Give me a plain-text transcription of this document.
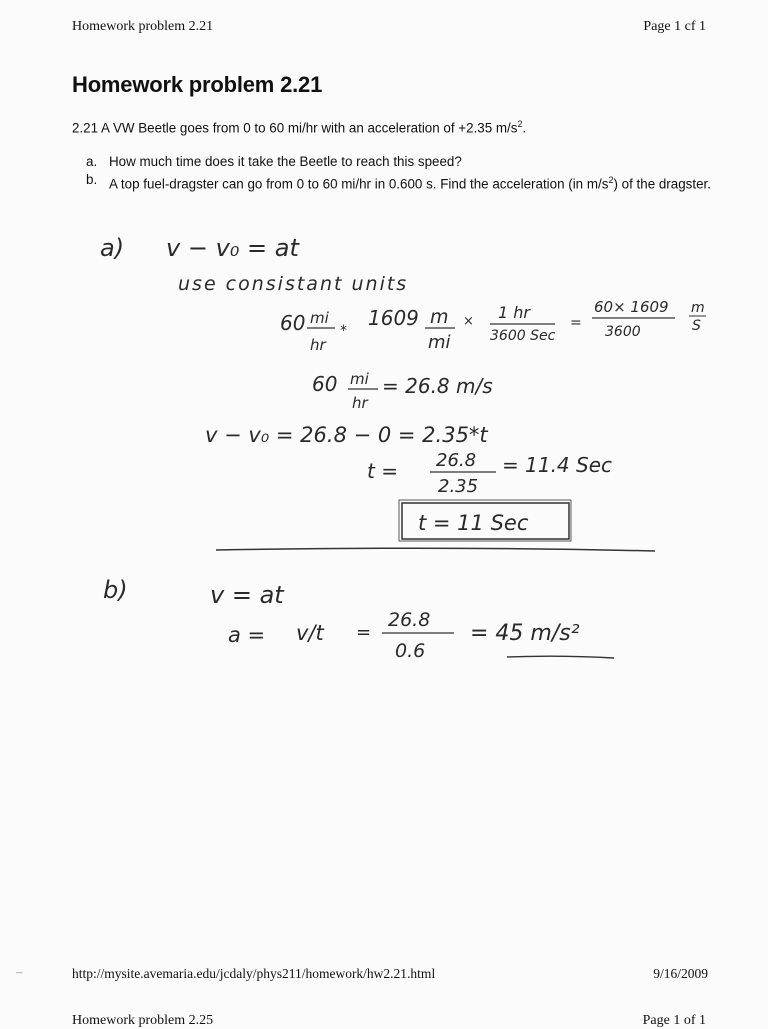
Homework problem 2.21	Page 1 cf 1
Homework problem 2.21
2.21 A VW Beetle goes from 0 to 60 mi/hr with an acceleration of +2.35 $m/s^2$.
a. How much time does it take the Beetle to reach this speed?
b. A top fuel-dragster can go from 0 to 60 mi/hr in 0.600 s. Find the acceleration (in $m/s^2$) of the dragster.
a) v − v₀ = at
use consistant units
60 mi
hr
*
1609 m
mi
× 1 hr
3600 Sec
=
60× 1609
3600
m
S
60 mi
hr
= 26.8 m/s
v − v₀ = 26.8 − 0 = 2.35*t
t = 26.8
2.35
= 11.4 Sec
t = 11 Sec
b)	v = at
a = v/t =
26.8
0.6
= 45 m/s²
–	http://mysite.avemaria.edu/jcdaly/phys211/homework/hw2.21.html	9/16/2009
Homework problem 2.25	Page 1 of 1
